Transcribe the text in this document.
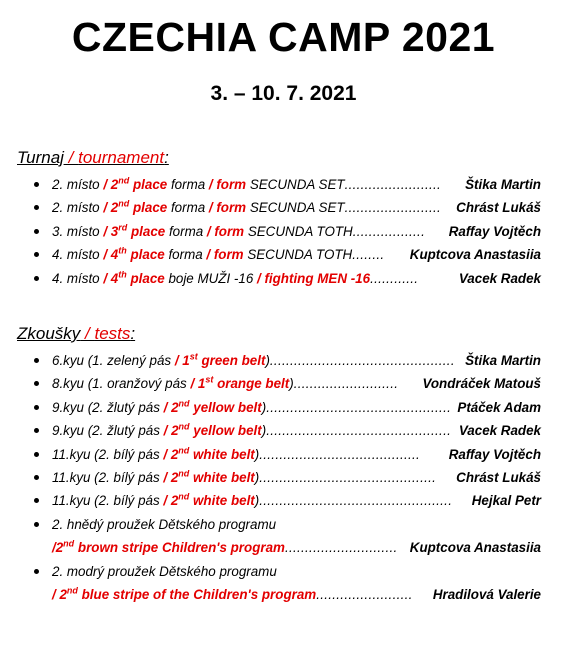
CZECHIA CAMP 2021
3. – 10. 7. 2021
Turnaj / tournament:
2. místo / 2nd place forma / form SECUNDA SET ........................	Štika Martin
2. místo / 2nd place forma / form SECUNDA SET ........................	Chrást Lukáš
3. místo / 3rd place forma / form SECUNDA TOTH ..................	Raffay Vojtěch
4. místo / 4th place forma / form SECUNDA TOTH ........	Kuptcova Anastasiia
4. místo / 4th place boje MUŽI -16 / fighting MEN -16 ............	Vacek Radek
Zkoušky / tests:
6.kyu (1. zelený pás / 1st green belt) .............................................. Štika Martin
8.kyu (1. oranžový pás / 1st orange belt) ..........................	Vondráček Matouš
9.kyu (2. žlutý pás / 2nd yellow belt) .............................................. Ptáček Adam
9.kyu (2. žlutý pás / 2nd yellow belt) .............................................. Vacek Radek
11.kyu (2. bílý pás / 2nd white belt) ........................................	Raffay Vojtěch
11.kyu (2. bílý pás / 2nd white belt) ............................................	Chrást Lukáš
11.kyu (2. bílý pás / 2nd white belt) ................................................	Hejkal Petr
2. hnědý proužek Dětského programu
/2nd brown stripe Children's program ............................ Kuptcova Anastasiia
2. modrý proužek Dětského programu
/ 2nd blue stripe of the Children's program ........................	Hradilová Valerie
